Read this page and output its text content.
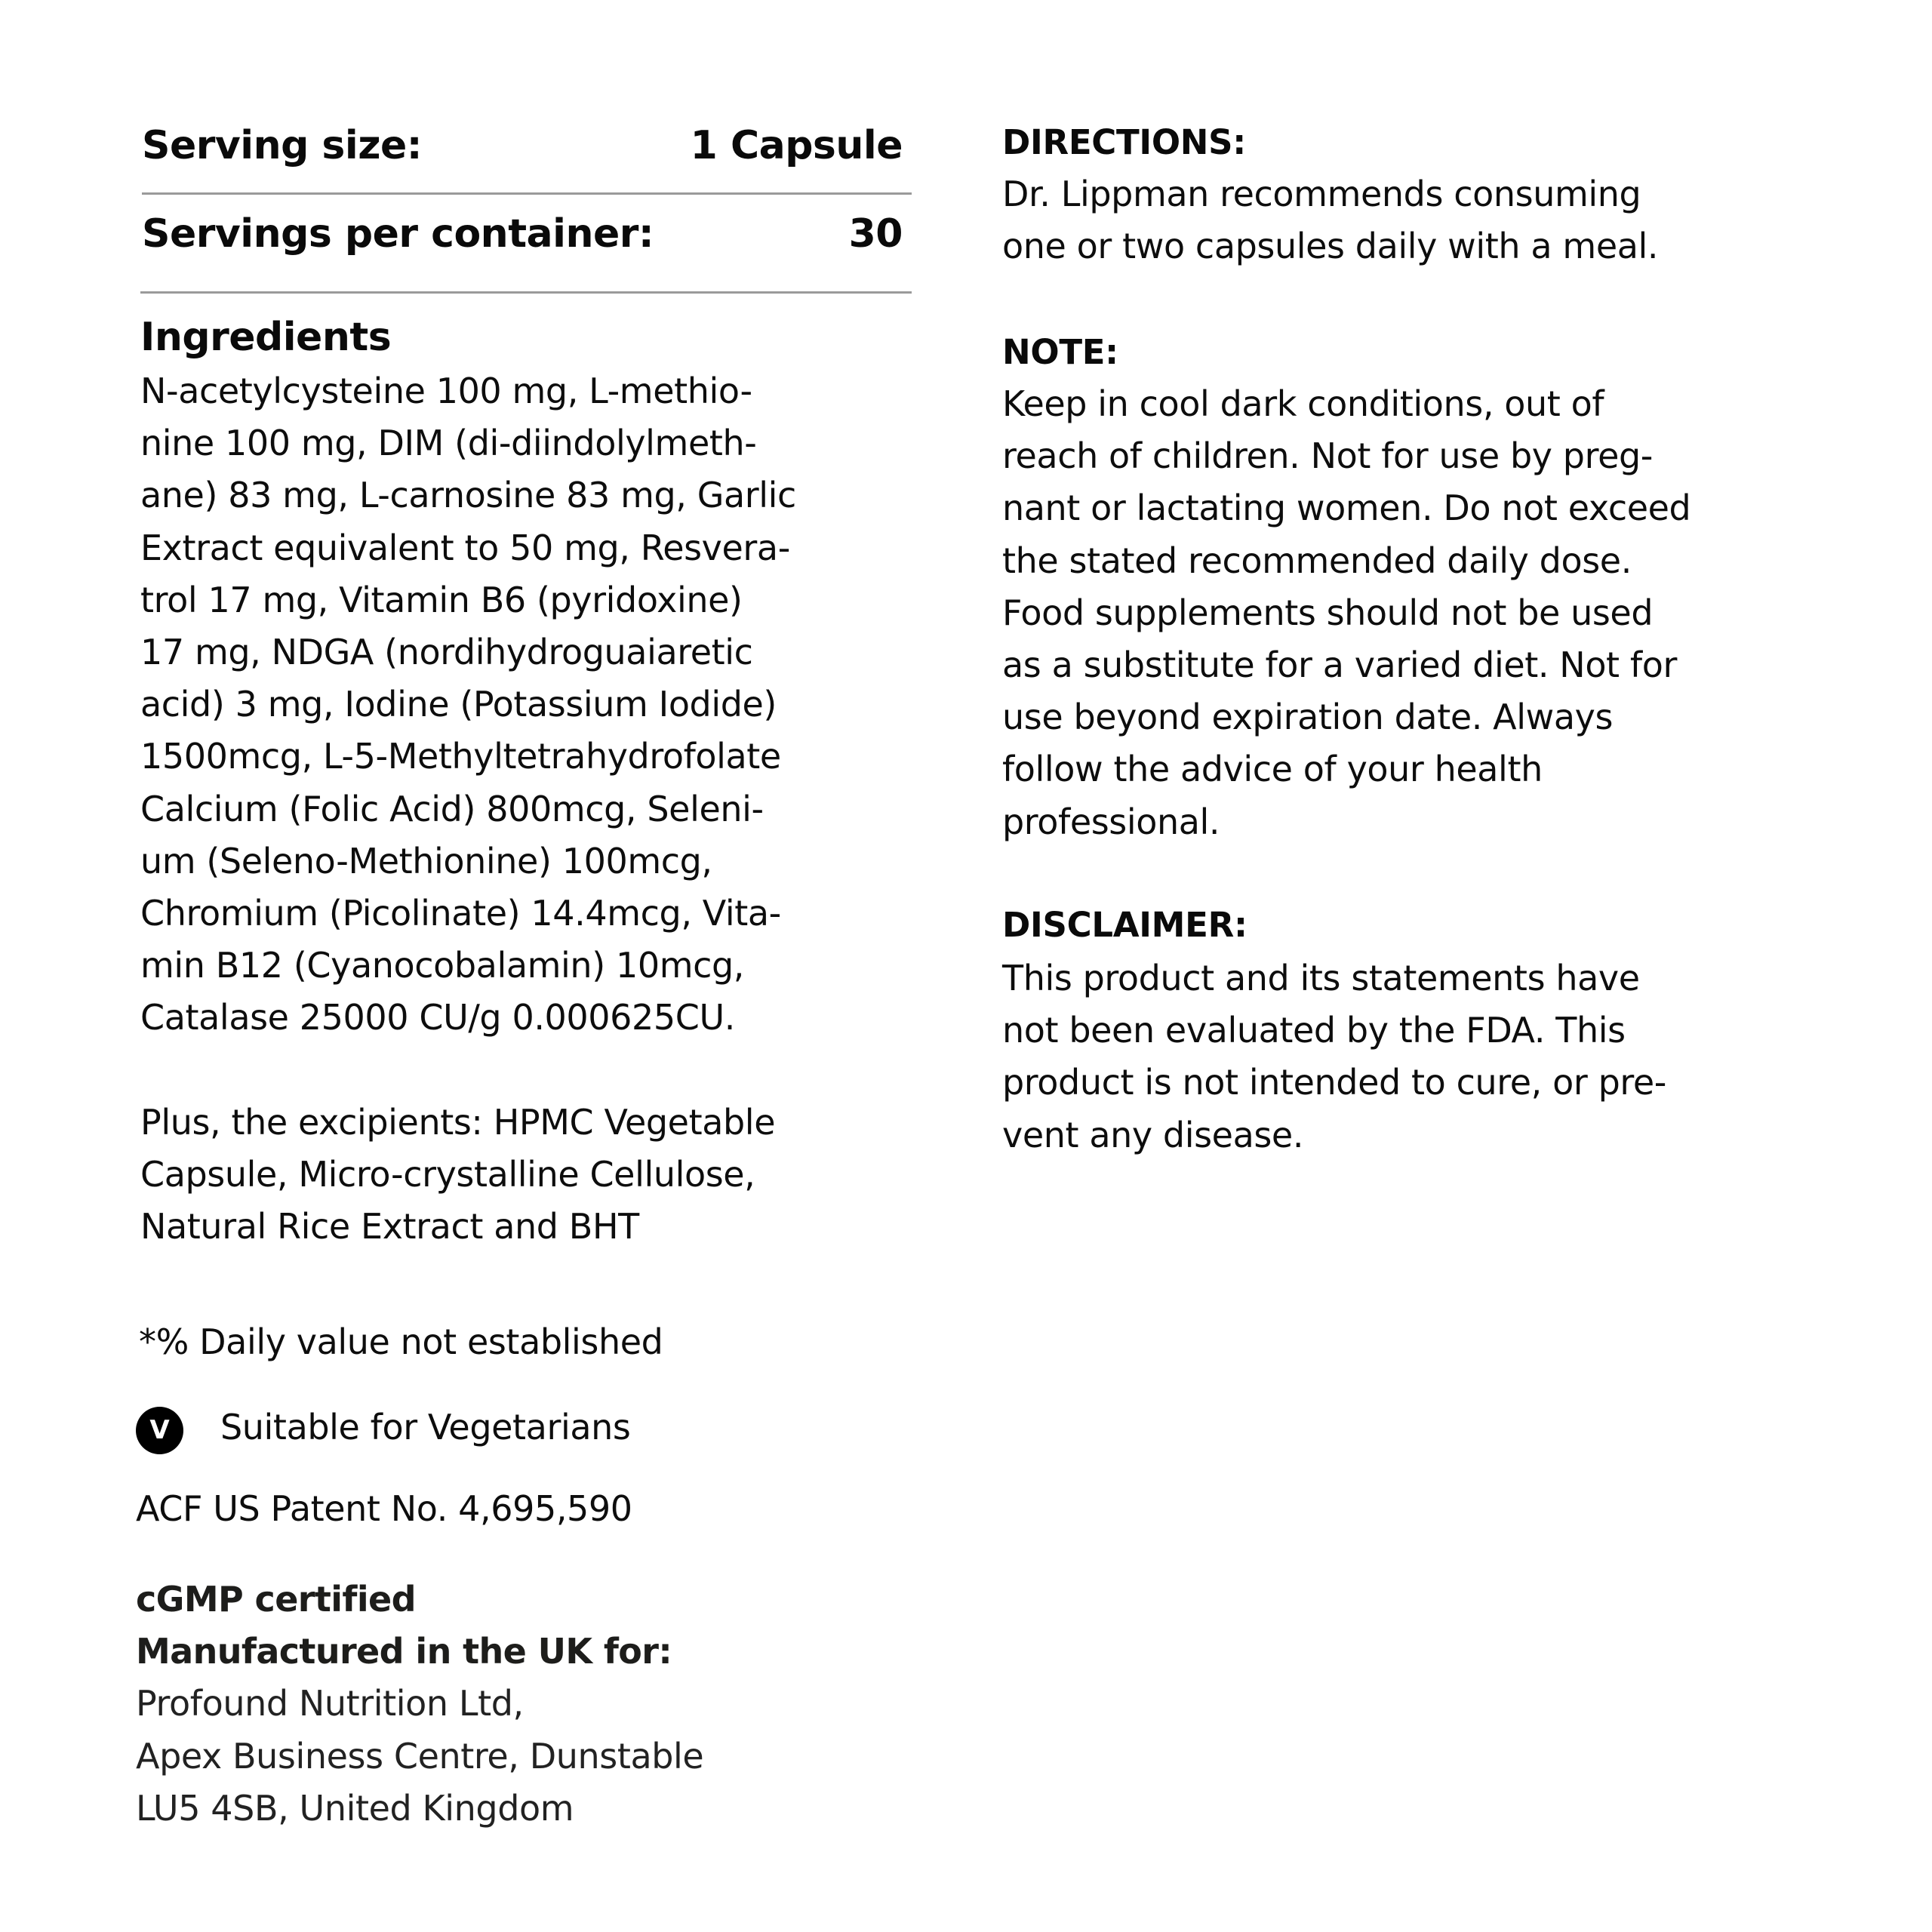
Serving size:	1 Capsule
Servings per container:	30
Ingredients
N-acetylcysteine 100 mg, L-methio-
nine 100 mg, DIM (di-diindolylmeth-
ane) 83 mg, L-carnosine 83 mg, Garlic
Extract equivalent to 50 mg, Resvera-
trol 17 mg, Vitamin B6 (pyridoxine)
17 mg, NDGA (nordihydroguaiaretic
acid) 3 mg, Iodine (Potassium Iodide)
1500mcg, L-5-Methyltetrahydrofolate
Calcium (Folic Acid) 800mcg, Seleni-
um (Seleno-Methionine) 100mcg,
Chromium (Picolinate) 14.4mcg, Vita-
min B12 (Cyanocobalamin) 10mcg,
Catalase 25000 CU/g 0.000625CU.
Plus, the excipients: HPMC Vegetable
Capsule, Micro-crystalline Cellulose,
Natural Rice Extract and BHT
*% Daily value not established
V	Suitable for Vegetarians
ACF US Patent No. 4,695,590
cGMP certified
Manufactured in the UK for:
Profound Nutrition Ltd,
Apex Business Centre, Dunstable
LU5 4SB, United Kingdom
DIRECTIONS:
Dr. Lippman recommends consuming
one or two capsules daily with a meal.
NOTE:
Keep in cool dark conditions, out of
reach of children. Not for use by preg-
nant or lactating women. Do not exceed
the stated recommended daily dose.
Food supplements should not be used
as a substitute for a varied diet. Not for
use beyond expiration date. Always
follow the advice of your health
professional.
DISCLAIMER:
This product and its statements have
not been evaluated by the FDA. This
product is not intended to cure, or pre-
vent any disease.
